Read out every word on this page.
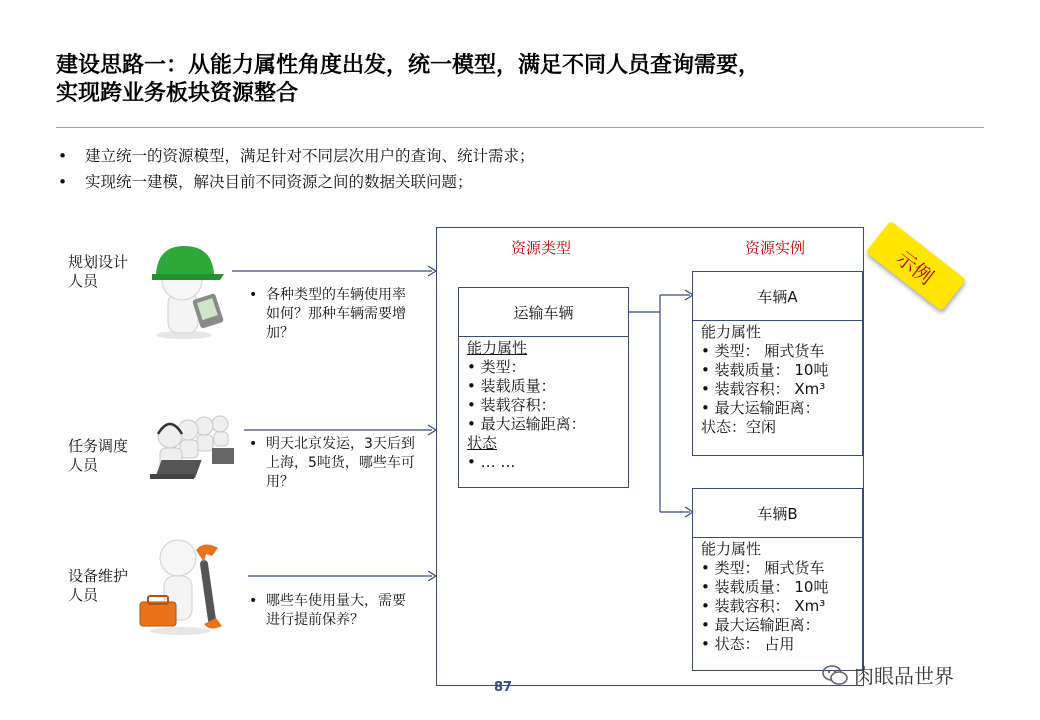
建设思路一：从能力属性角度出发，统一模型，满足不同人员查询需要，
实现跨业务板块资源整合
•	建立统一的资源模型，满足针对不同层次用户的查询、统计需求；
•	实现统一建模，解决目前不同资源之间的数据关联问题；
规划设计
人员
• 各种类型的车辆使用率如何？那种车辆需要增加？
任务调度
人员
• 明天北京发运，3天后到上海，5吨货，哪些车可用？
设备维护
人员	• 哪些车使用量大，需要进行提前保养？
资源类型	资源实例
运输车辆
能力属性
• 类型：
• 装载质量：
• 装载容积：
• 最大运输距离：
状态
• … …
车辆A
能力属性
• 类型： 厢式货车
• 装载质量： 10吨
• 装载容积： Xm³
• 最大运输距离：
状态：空闲
车辆B
能力属性
• 类型： 厢式货车
• 装载质量： 10吨
• 装载容积： Xm³
• 最大运输距离：
• 状态： 占用
示例
87	肉眼品世界
